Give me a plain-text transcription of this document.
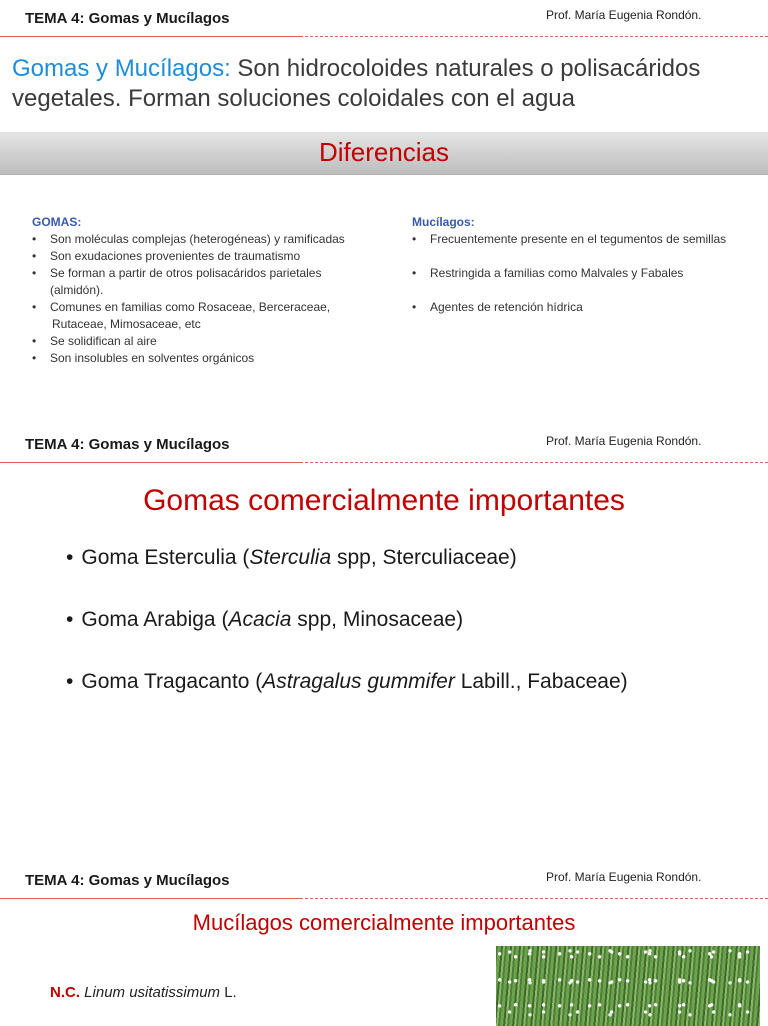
TEMA 4: Gomas y Mucílagos	Prof. María Eugenia Rondón.
Gomas y Mucílagos: Son hidrocoloides naturales o polisacáridos vegetales. Forman soluciones coloidales con el agua
Diferencias
GOMAS:
• Son moléculas complejas (heterogéneas) y ramificadas
• Son exudaciones provenientes de traumatismo
• Se forman a partir de otros polisacáridos parietales
(almidón).
• Comunes en familias como Rosaceae, Berceraceae,
Rutaceae, Mimosaceae, etc
• Se solidifican al aire
• Son insolubles en solventes orgánicos
Mucílagos:
• Frecuentemente presente en el tegumentos de semillas
• Restringida a familias como Malvales y Fabales
• Agentes de retención hídrica
TEMA 4: Gomas y Mucílagos	Prof. María Eugenia Rondón.
Gomas comercialmente importantes
• Goma Esterculia (Sterculia spp, Sterculiaceae)
• Goma Arabiga (Acacia spp, Minosaceae)
• Goma Tragacanto (Astragalus gummifer Labill., Fabaceae)
TEMA 4: Gomas y Mucílagos	Prof. María Eugenia Rondón.
Mucílagos comercialmente importantes
N.C. Linum usitatissimum L.
